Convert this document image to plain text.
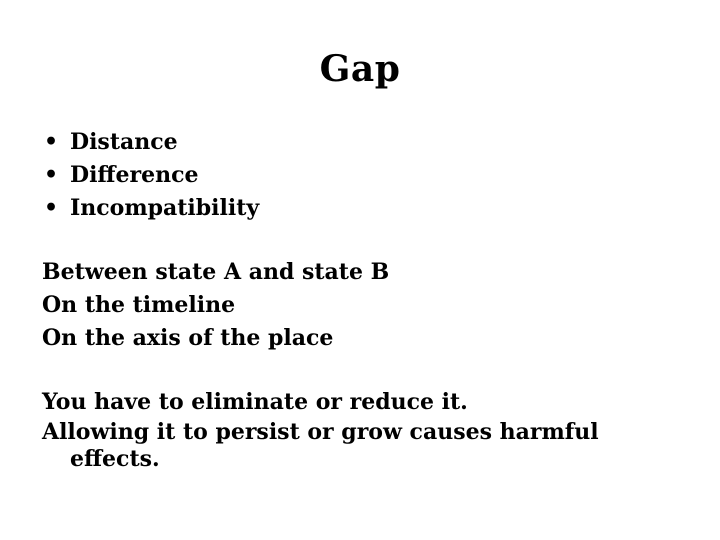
Gap
• Distance
• Difference
• Incompatibility

Between state A and state B

On the timeline

On the axis of the place

You have to eliminate or reduce it.

Allowing it to persist or grow causes harmful effects.
